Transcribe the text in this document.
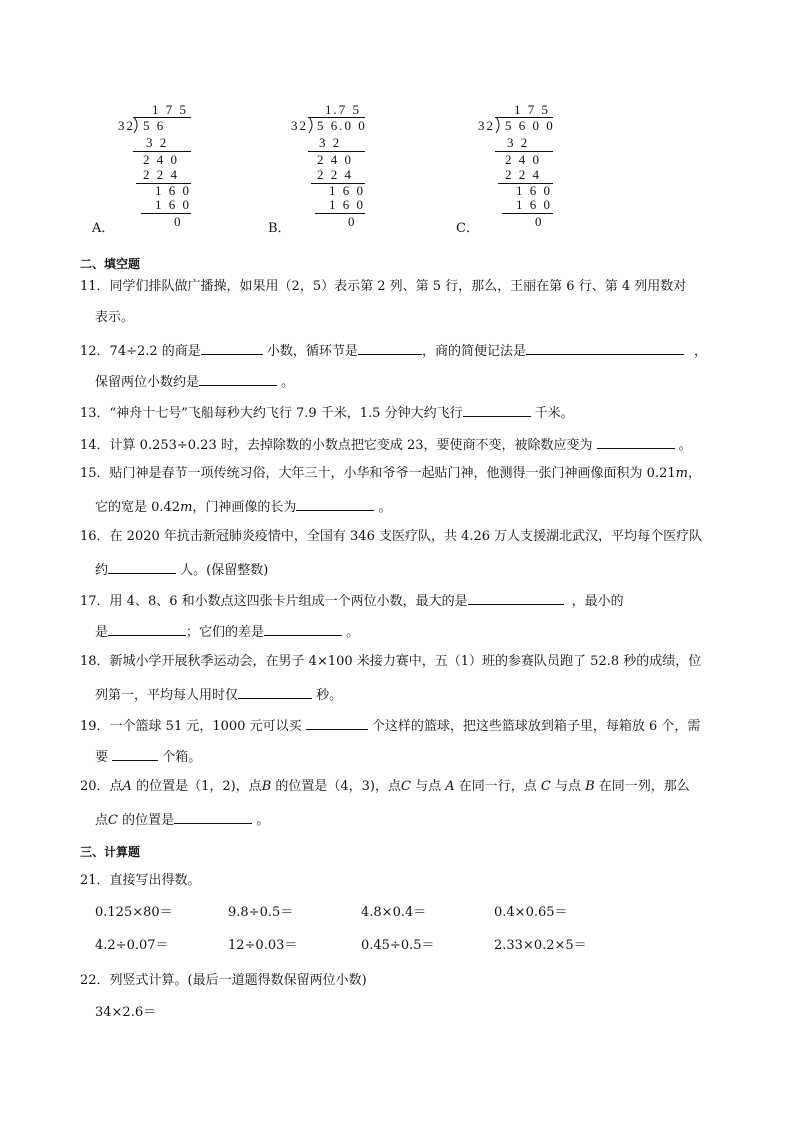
1 7 5
32 5 6
3 2
2 4 0
2 2 4
1 6 0
1 6 0
0
A．
1.7 5
32 5 6.0 0
3 2
2 4 0
2 2 4
1 6 0
1 6 0
0
B．
1 7 5
32 5 6 0 0
3 2
2 4 0
2 2 4
1 6 0
1 6 0
0
C．
二、填空题
11．同学们排队做广播操，如果用（2，5）表示第 2 列、第 5 行，那么，王丽在第 6 行、第 4 列用数对
表示。
12．74÷2.2 的商是	小数，循环节是	，商的简便记法是	，
保留两位小数约是	。
13．“神舟十七号”飞船每秒大约飞行 7.9 千米，1.5 分钟大约飞行	千米。
14．计算 0.253÷0.23 时，去掉除数的小数点把它变成 23，要使商不变，被除数应变为	。
15．贴门神是春节一项传统习俗，大年三十，小华和爷爷一起贴门神，他测得一张门神画像面积为 0.21m，
它的宽是 0.42m，门神画像的长为	。
16．在 2020 年抗击新冠肺炎疫情中，全国有 346 支医疗队，共 4.26 万人支援湖北武汉，平均每个医疗队
约	人。(保留整数)
17．用 4、8、6 和小数点这四张卡片组成一个两位小数，最大的是	，最小的
是	；它们的差是	。
18．新城小学开展秋季运动会，在男子 4×100 米接力赛中，五（1）班的参赛队员跑了 52.8 秒的成绩，位
列第一，平均每人用时仅	秒。
19．一个篮球 51 元，1000 元可以买	个这样的篮球，把这些篮球放到箱子里，每箱放 6 个，需
要	个箱。
20．点A 的位置是（1，2)，点B 的位置是（4，3)，点C 与点 A 在同一行，点 C 与点 B 在同一列，那么
点C 的位置是	。
三、计算题
21．直接写出得数。
0.125×80＝	9.8÷0.5＝	4.8×0.4＝	0.4×0.65＝
4.2÷0.07＝	12÷0.03＝	0.45÷0.5＝	2.33×0.2×5＝
22．列竖式计算。(最后一道题得数保留两位小数)
34×2.6＝
